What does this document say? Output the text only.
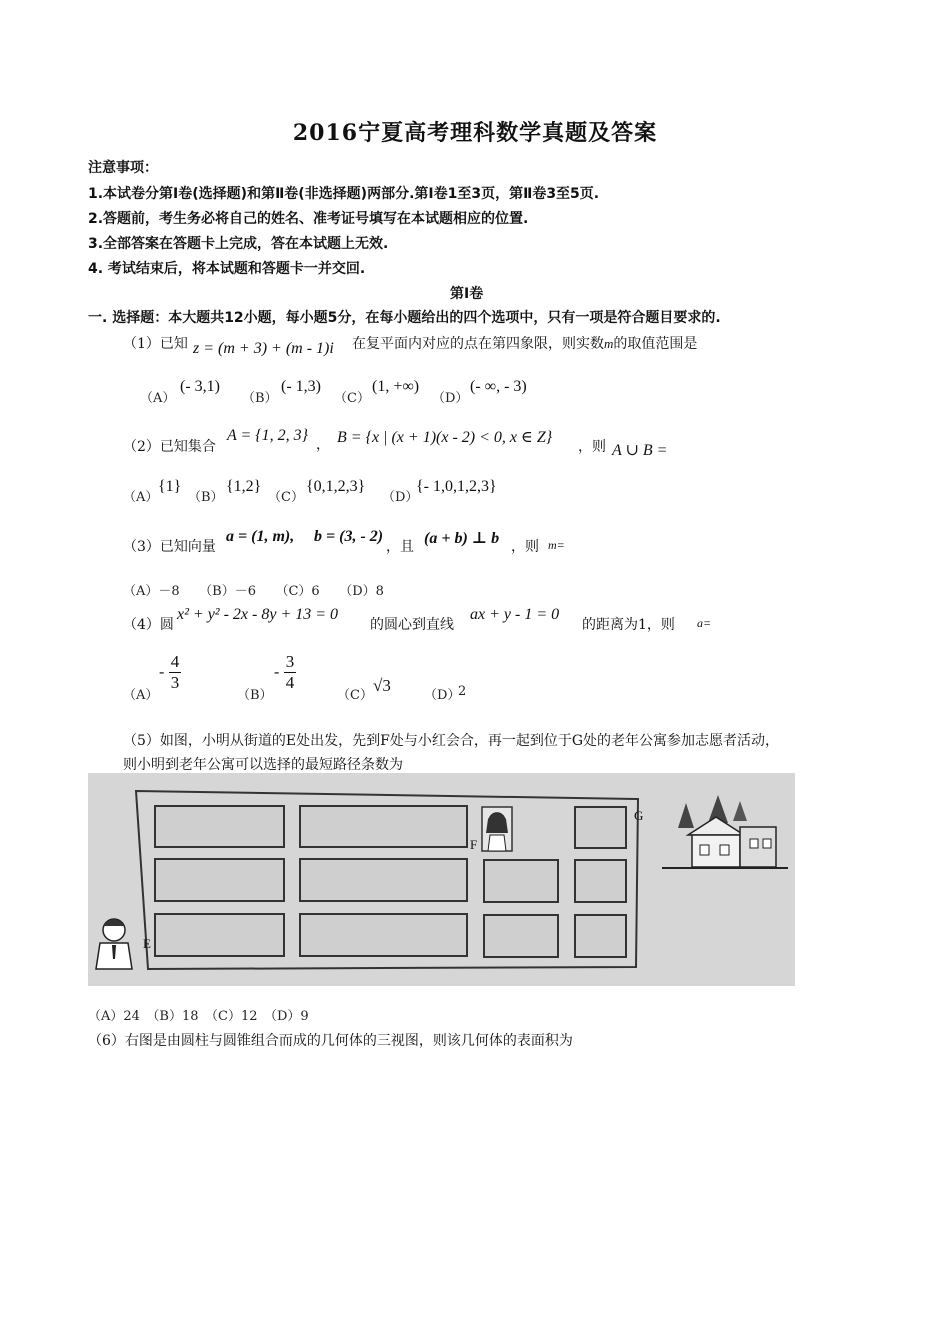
2016宁夏高考理科数学真题及答案
注意事项：
1.本试卷分第Ⅰ卷(选择题)和第Ⅱ卷(非选择题)两部分.第Ⅰ卷1至3页，第Ⅱ卷3至5页.
2.答题前，考生务必将自己的姓名、准考证号填写在本试题相应的位置.
3.全部答案在答题卡上完成，答在本试题上无效.
4. 考试结束后，将本试题和答题卡一并交回.
第Ⅰ卷
一. 选择题：本大题共12小题，每小题5分，在每小题给出的四个选项中，只有一项是符合题目要求的.
（1）已知 z = (m + 3) + (m - 1)i 在复平面内对应的点在第四象限，则实数m的取值范围是
（A）
(- 3,1)
（B）
(- 1,3)
（C）
(1, +∞)
（D）
(- ∞, - 3)
（2）已知集合
A = {1, 2, 3}
， B = {x | (x + 1)(x - 2) < 0, x ∈ Z}
，则 A ∪ B =
（A）
{1}
（B）
{1,2}
（C）
{0,1,2,3}
（D）
{- 1,0,1,2,3}
（3）已知向量
a = (1, m), b = (3, - 2)
，且 (a + b) ⊥ b ，则 m=
（A）－8　　（B）－6　　（C）6　　（D）8
（4）圆
x² + y² - 2x - 8y + 13 = 0
的圆心到直线
ax + y - 1 = 0
的距离为1，则 a=
（A）
- $\frac{4}{3}$
（B）
- $\frac{3}{4}$
（C）
√3
（D）
2
（5）如图，小明从街道的E处出发，先到F处与小红会合，再一起到位于G处的老年公寓参加志愿者活动，
则小明到老年公寓可以选择的最短路径条数为
E
F
G
（A）24　（B）18　（C）12　（D）9
（6）右图是由圆柱与圆锥组合而成的几何体的三视图，则该几何体的表面积为
